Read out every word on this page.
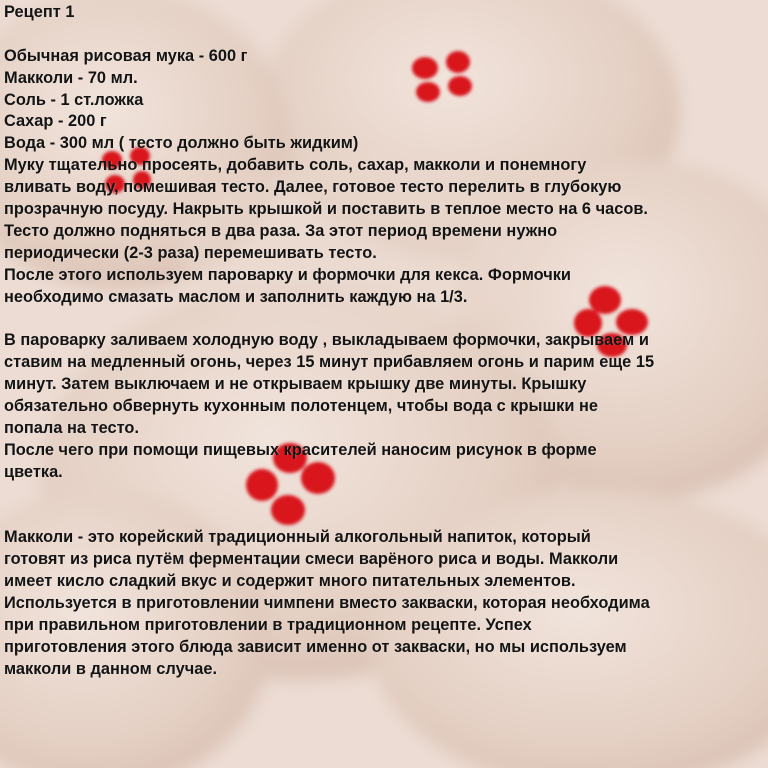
Рецепт 1
Обычная рисовая мука - 600 г
Макколи - 70 мл.
Соль - 1 ст.ложка
Сахар - 200 г
Вода - 300 мл ( тесто должно быть жидким)
Муку тщательно просеять, добавить соль, сахар, макколи и понемногу
вливать воду, помешивая тесто. Далее, готовое тесто перелить в глубокую
прозрачную посуду. Накрыть крышкой и поставить в теплое место на 6 часов.
Тесто должно подняться в два раза. За этот период времени нужно
периодически (2-3 раза) перемешивать тесто.
После этого используем пароварку и формочки для кекса. Формочки
необходимо смазать маслом и заполнить каждую на 1/3.
В пароварку заливаем холодную воду , выкладываем формочки, закрываем и
ставим на медленный огонь, через 15 минут прибавляем огонь и парим еще 15
минут. Затем выключаем и не открываем крышку две минуты. Крышку
обязательно обвернуть кухонным полотенцем, чтобы вода с крышки не
попала на тесто.
После чего при помощи пищевых красителей наносим рисунок в форме
цветка.
Макколи - это корейский традиционный алкогольный напиток, который
готовят из риса путём ферментации смеси варёного риса и воды. Макколи
имеет кисло сладкий вкус и содержит много питательных элементов.
Используется в приготовлении чимпени вместо закваски, которая необходима
при правильном приготовлении в традиционном рецепте. Успех
приготовления этого блюда зависит именно от закваски, но мы используем
макколи в данном случае.
